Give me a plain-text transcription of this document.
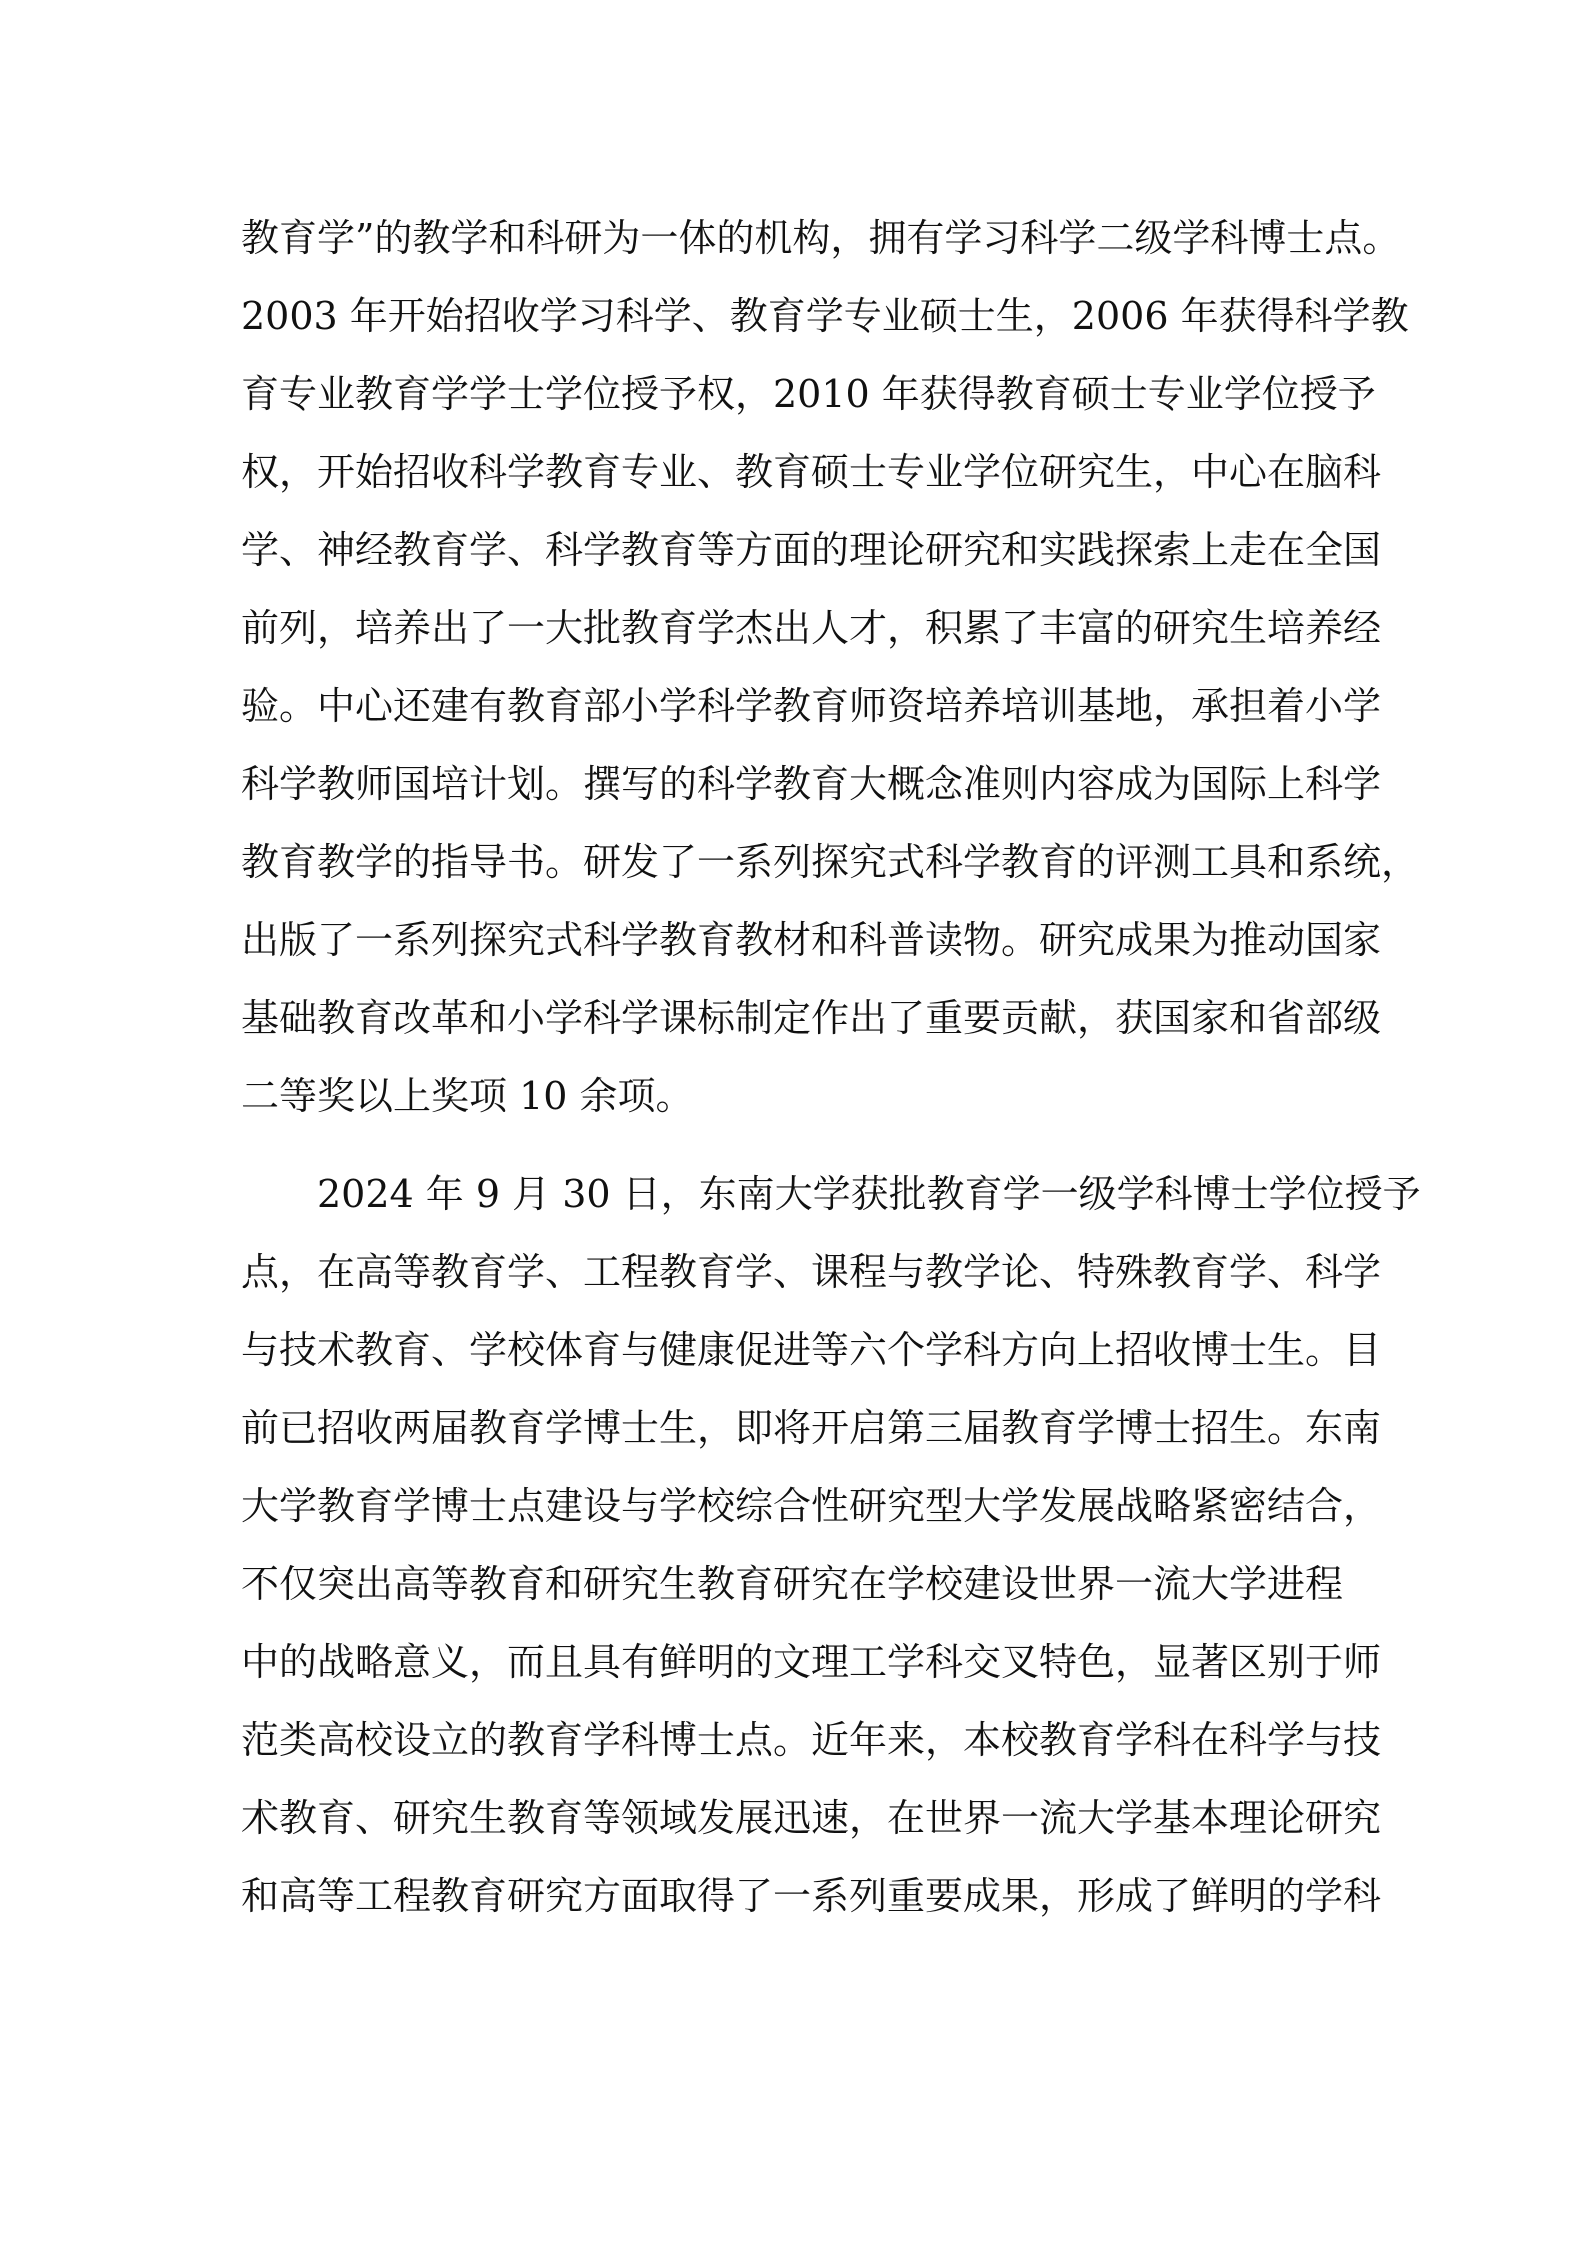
教育学”的教学和科研为一体的机构，拥有学习科学二级学科博士点。
2003 年开始招收学习科学、教育学专业硕士生，2006 年获得科学教
育专业教育学学士学位授予权，2010 年获得教育硕士专业学位授予
权，开始招收科学教育专业、教育硕士专业学位研究生，中心在脑科
学、神经教育学、科学教育等方面的理论研究和实践探索上走在全国
前列，培养出了一大批教育学杰出人才，积累了丰富的研究生培养经
验。中心还建有教育部小学科学教育师资培养培训基地，承担着小学
科学教师国培计划。撰写的科学教育大概念准则内容成为国际上科学
教育教学的指导书。研发了一系列探究式科学教育的评测工具和系统，
出版了一系列探究式科学教育教材和科普读物。研究成果为推动国家
基础教育改革和小学科学课标制定作出了重要贡献，获国家和省部级
二等奖以上奖项 10 余项。
2024 年 9 月 30 日，东南大学获批教育学一级学科博士学位授予
点，在高等教育学、工程教育学、课程与教学论、特殊教育学、科学
与技术教育、学校体育与健康促进等六个学科方向上招收博士生。目
前已招收两届教育学博士生，即将开启第三届教育学博士招生。东南
大学教育学博士点建设与学校综合性研究型大学发展战略紧密结合，
不仅突出高等教育和研究生教育研究在学校建设世界一流大学进程
中的战略意义，而且具有鲜明的文理工学科交叉特色，显著区别于师
范类高校设立的教育学科博士点。近年来，本校教育学科在科学与技
术教育、研究生教育等领域发展迅速，在世界一流大学基本理论研究
和高等工程教育研究方面取得了一系列重要成果，形成了鲜明的学科
